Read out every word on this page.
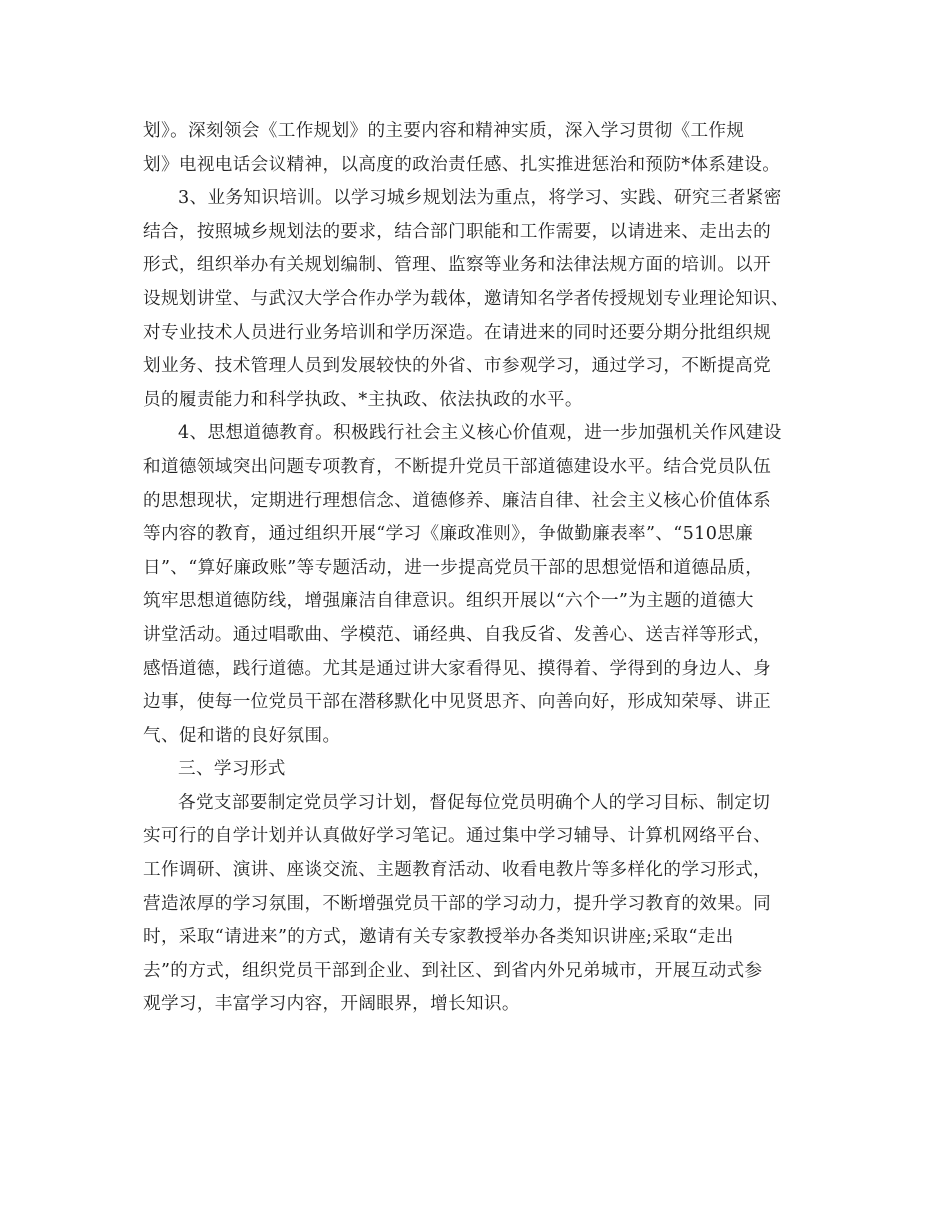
划》。深刻领会《工作规划》的主要内容和精神实质，深入学习贯彻《工作规
划》电视电话会议精神，以高度的政治责任感、扎实推进惩治和预防*体系建设。
3、业务知识培训。以学习城乡规划法为重点，将学习、实践、研究三者紧密
结合，按照城乡规划法的要求，结合部门职能和工作需要，以请进来、走出去的
形式，组织举办有关规划编制、管理、监察等业务和法律法规方面的培训。以开
设规划讲堂、与武汉大学合作办学为载体，邀请知名学者传授规划专业理论知识、
对专业技术人员进行业务培训和学历深造。在请进来的同时还要分期分批组织规
划业务、技术管理人员到发展较快的外省、市参观学习，通过学习，不断提高党
员的履责能力和科学执政、*主执政、依法执政的水平。
4、思想道德教育。积极践行社会主义核心价值观，进一步加强机关作风建设
和道德领域突出问题专项教育，不断提升党员干部道德建设水平。结合党员队伍
的思想现状，定期进行理想信念、道德修养、廉洁自律、社会主义核心价值体系
等内容的教育，通过组织开展“学习《廉政准则》，争做勤廉表率”、“510思廉
日”、“算好廉政账”等专题活动，进一步提高党员干部的思想觉悟和道德品质，
筑牢思想道德防线，增强廉洁自律意识。组织开展以“六个一”为主题的道德大
讲堂活动。通过唱歌曲、学模范、诵经典、自我反省、发善心、送吉祥等形式，
感悟道德，践行道德。尤其是通过讲大家看得见、摸得着、学得到的身边人、身
边事，使每一位党员干部在潜移默化中见贤思齐、向善向好，形成知荣辱、讲正
气、促和谐的良好氛围。
三、学习形式
各党支部要制定党员学习计划，督促每位党员明确个人的学习目标、制定切
实可行的自学计划并认真做好学习笔记。通过集中学习辅导、计算机网络平台、
工作调研、演讲、座谈交流、主题教育活动、收看电教片等多样化的学习形式，
营造浓厚的学习氛围，不断增强党员干部的学习动力，提升学习教育的效果。同
时，采取“请进来”的方式，邀请有关专家教授举办各类知识讲座;采取“走出
去”的方式，组织党员干部到企业、到社区、到省内外兄弟城市，开展互动式参
观学习，丰富学习内容，开阔眼界，增长知识。
